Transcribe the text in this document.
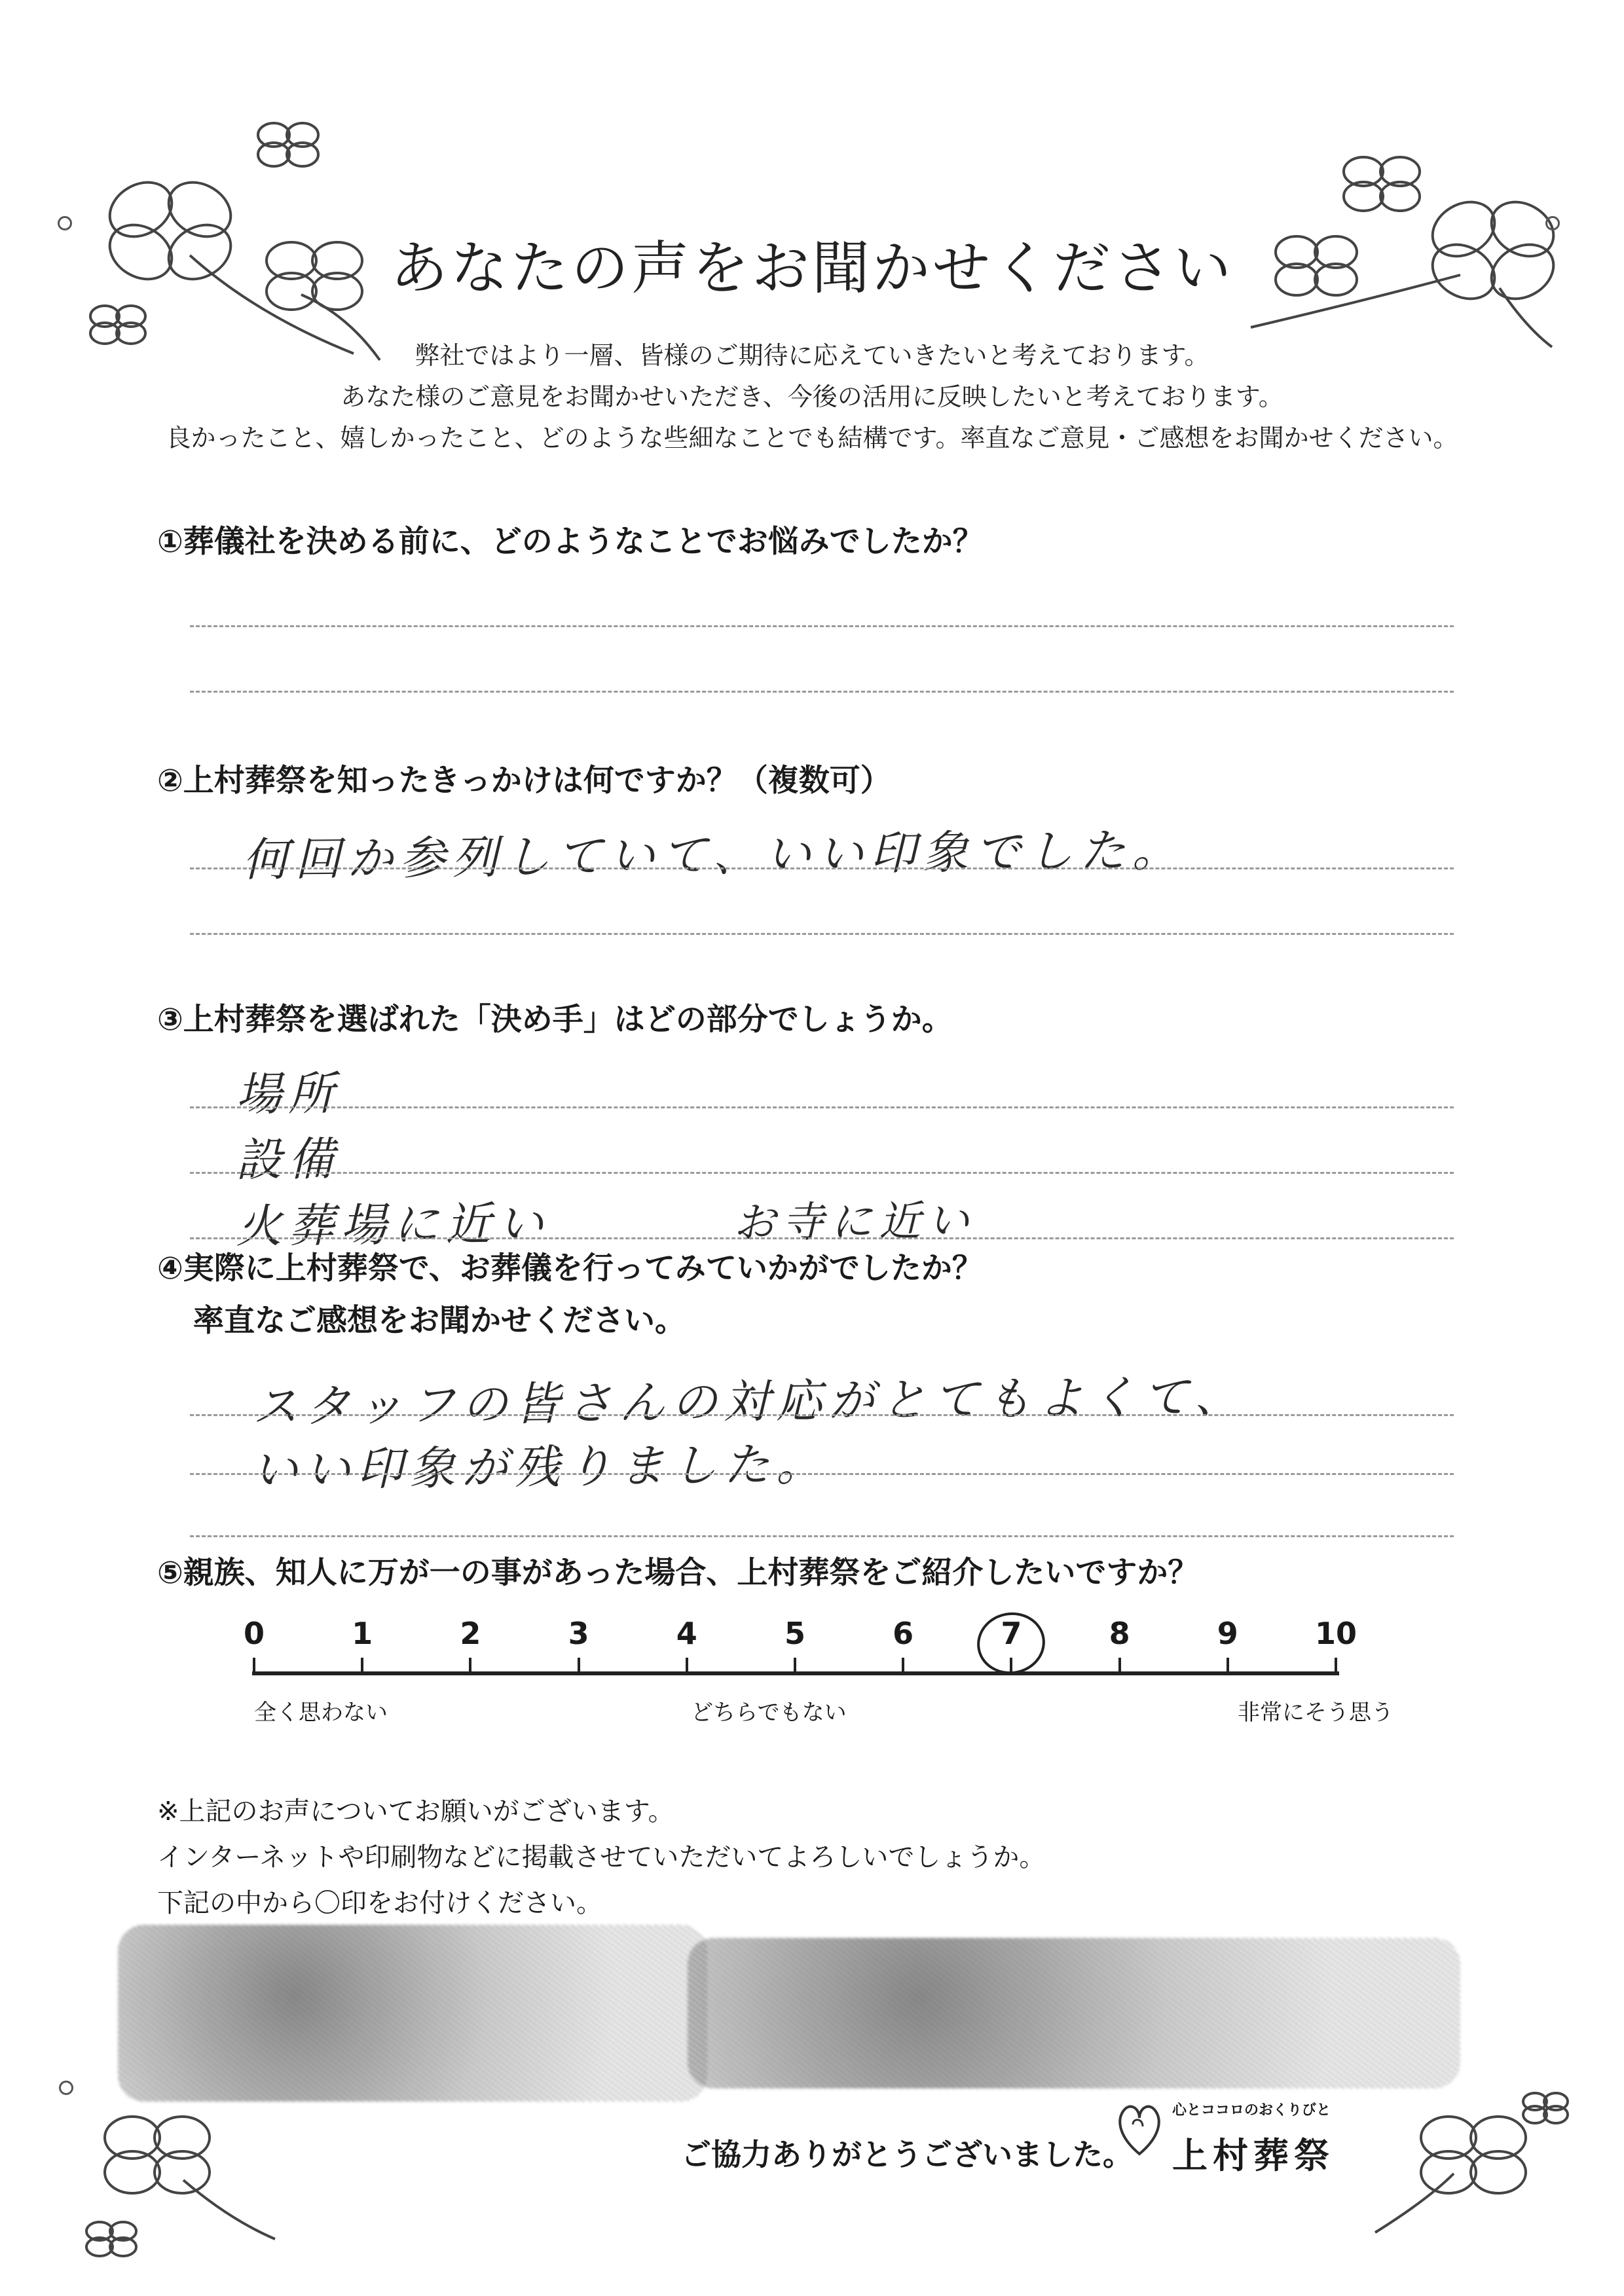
あなたの声をお聞かせください
弊社ではより一層、皆様のご期待に応えていきたいと考えております。
あなた様のご意見をお聞かせいただき、今後の活用に反映したいと考えております。
良かったこと、嬉しかったこと、どのような些細なことでも結構です。率直なご意見・ご感想をお聞かせください。
①葬儀社を決める前に、どのようなことでお悩みでしたか？
②上村葬祭を知ったきっかけは何ですか？（複数可）
何回か参列していて、いい印象でした。
③上村葬祭を選ばれた「決め手」はどの部分でしょうか。
場所
設備
火葬場に近い	お寺に近い
④実際に上村葬祭で、お葬儀を行ってみていかがでしたか？
率直なご感想をお聞かせください。
スタッフの皆さんの対応がとてもよくて、
いい印象が残りました。
⑤親族、知人に万が一の事があった場合、上村葬祭をご紹介したいですか？
0	1	2	3	4	5	6	7	8	9	10
全く思わない	どちらでもない	非常にそう思う
※上記のお声についてお願いがございます。
インターネットや印刷物などに掲載させていただいてよろしいでしょうか。
下記の中から〇印をお付けください。
ご協力ありがとうございました。
心とココロのおくりびと
上村葬祭
